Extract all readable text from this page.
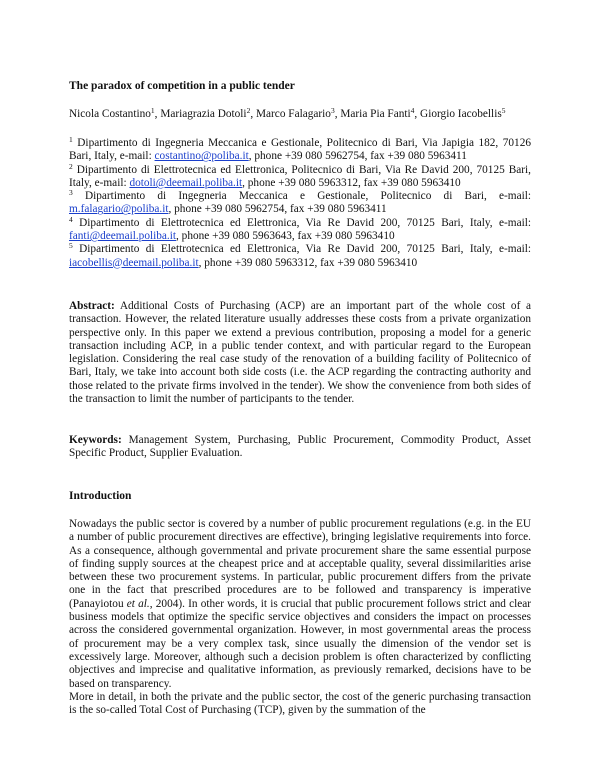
The paradox of competition in a public tender

Nicola Costantino$^1$, Mariagrazia Dotoli$^2$, Marco Falagario$^3$, Maria Pia Fanti$^4$, Giorgio Iacobellis$^5$

$^1$ Dipartimento di Ingegneria Meccanica e Gestionale, Politecnico di Bari, Via Japigia 182, 70126 Bari, Italy, e-mail: costantino@poliba.it, phone +39 080 5962754, fax +39 080 5963411

$^2$ Dipartimento di Elettrotecnica ed Elettronica, Politecnico di Bari, Via Re David 200, 70125 Bari, Italy, e-mail: dotoli@deemail.poliba.it, phone +39 080 5963312, fax +39 080 5963410

$^3$ Dipartimento di Ingegneria Meccanica e Gestionale, Politecnico di Bari, e-mail: m.falagario@poliba.it, phone +39 080 5962754, fax +39 080 5963411

$^4$ Dipartimento di Elettrotecnica ed Elettronica, Via Re David 200, 70125 Bari, Italy, e-mail: fanti@deemail.poliba.it, phone +39 080 5963643, fax +39 080 5963410

$^5$ Dipartimento di Elettrotecnica ed Elettronica, Via Re David 200, 70125 Bari, Italy, e-mail: iacobellis@deemail.poliba.it, phone +39 080 5963312, fax +39 080 5963410

Abstract: Additional Costs of Purchasing (ACP) are an important part of the whole cost of a transaction. However, the related literature usually addresses these costs from a private organization perspective only. In this paper we extend a previous contribution, proposing a model for a generic transaction including ACP, in a public tender context, and with particular regard to the European legislation. Considering the real case study of the renovation of a building facility of Politecnico of Bari, Italy, we take into account both side costs (i.e. the ACP regarding the contracting authority and those related to the private firms involved in the tender). We show the convenience from both sides of the transaction to limit the number of participants to the tender.

Keywords: Management System, Purchasing, Public Procurement, Commodity Product, Asset Specific Product, Supplier Evaluation.

Introduction

Nowadays the public sector is covered by a number of public procurement regulations (e.g. in the EU a number of public procurement directives are effective), bringing legislative requirements into force. As a consequence, although governmental and private procurement share the same essential purpose of finding supply sources at the cheapest price and at acceptable quality, several dissimilarities arise between these two procurement systems. In particular, public procurement differs from the private one in the fact that prescribed procedures are to be followed and transparency is imperative (Panayiotou et al., 2004). In other words, it is crucial that public procurement follows strict and clear business models that optimize the specific service objectives and considers the impact on processes across the considered governmental organization. However, in most governmental areas the process of procurement may be a very complex task, since usually the dimension of the vendor set is excessively large. Moreover, although such a decision problem is often characterized by conflicting objectives and imprecise and qualitative information, as previously remarked, decisions have to be based on transparency.

More in detail, in both the private and the public sector, the cost of the generic purchasing transaction is the so-called Total Cost of Purchasing (TCP), given by the summation of the
